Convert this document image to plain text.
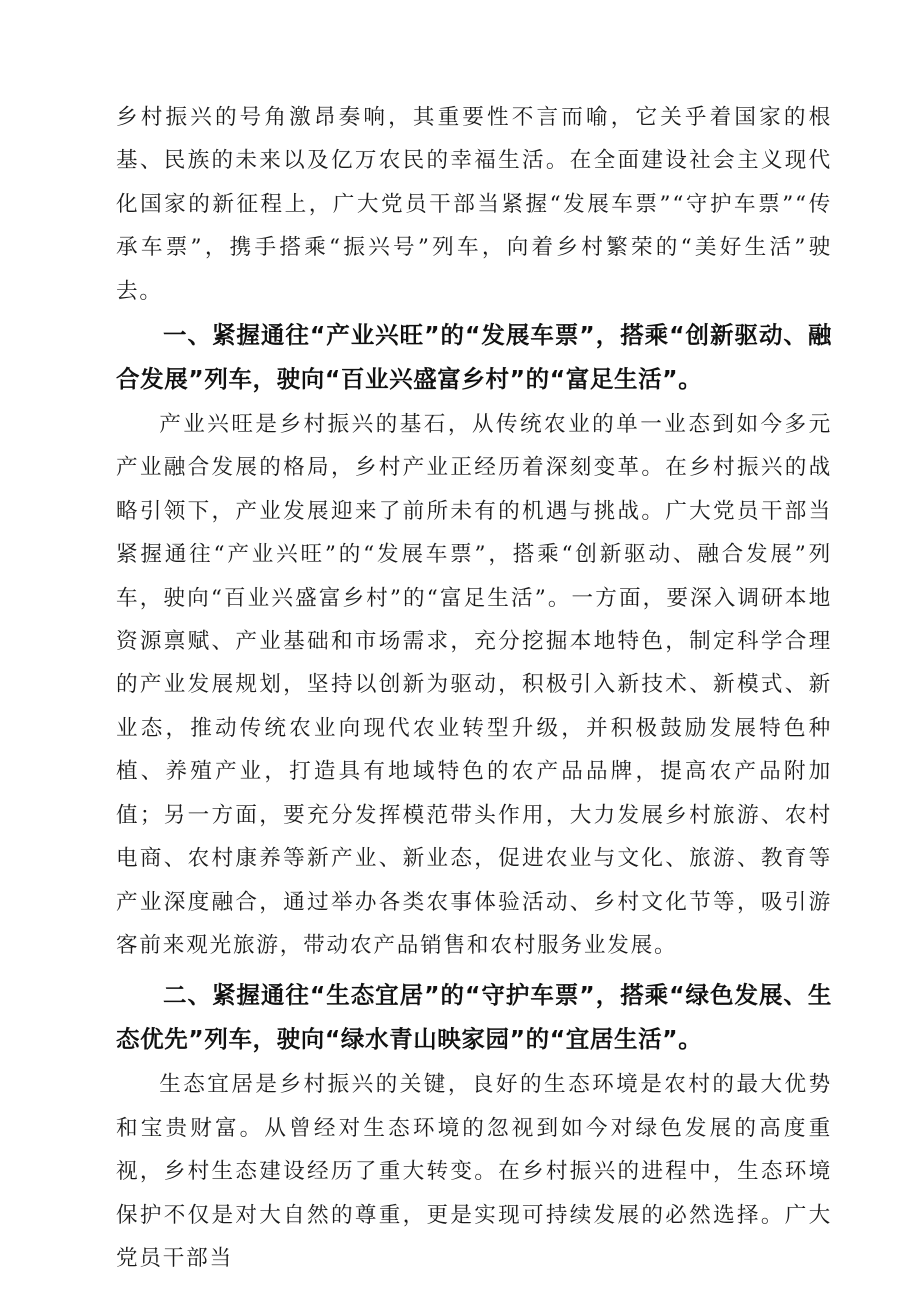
乡村振兴的号角激昂奏响，其重要性不言而喻，它关乎着国家的根基、民族的未来以及亿万农民的幸福生活。在全面建设社会主义现代化国家的新征程上，广大党员干部当紧握“发展车票”“守护车票”“传承车票”，携手搭乘“振兴号”列车，向着乡村繁荣的“美好生活”驶去。

一、紧握通往“产业兴旺”的“发展车票”，搭乘“创新驱动、融合发展”列车，驶向“百业兴盛富乡村”的“富足生活”。

产业兴旺是乡村振兴的基石，从传统农业的单一业态到如今多元产业融合发展的格局，乡村产业正经历着深刻变革。在乡村振兴的战略引领下，产业发展迎来了前所未有的机遇与挑战。广大党员干部当紧握通往“产业兴旺”的“发展车票”，搭乘“创新驱动、融合发展”列车，驶向“百业兴盛富乡村”的“富足生活”。一方面，要深入调研本地资源禀赋、产业基础和市场需求，充分挖掘本地特色，制定科学合理的产业发展规划，坚持以创新为驱动，积极引入新技术、新模式、新业态，推动传统农业向现代农业转型升级，并积极鼓励发展特色种植、养殖产业，打造具有地域特色的农产品品牌，提高农产品附加值；另一方面，要充分发挥模范带头作用，大力发展乡村旅游、农村电商、农村康养等新产业、新业态，促进农业与文化、旅游、教育等产业深度融合，通过举办各类农事体验活动、乡村文化节等，吸引游客前来观光旅游，带动农产品销售和农村服务业发展。

二、紧握通往“生态宜居”的“守护车票”，搭乘“绿色发展、生态优先”列车，驶向“绿水青山映家园”的“宜居生活”。

生态宜居是乡村振兴的关键，良好的生态环境是农村的最大优势和宝贵财富。从曾经对生态环境的忽视到如今对绿色发展的高度重视，乡村生态建设经历了重大转变。在乡村振兴的进程中，生态环境保护不仅是对大自然的尊重，更是实现可持续发展的必然选择。广大党员干部当
